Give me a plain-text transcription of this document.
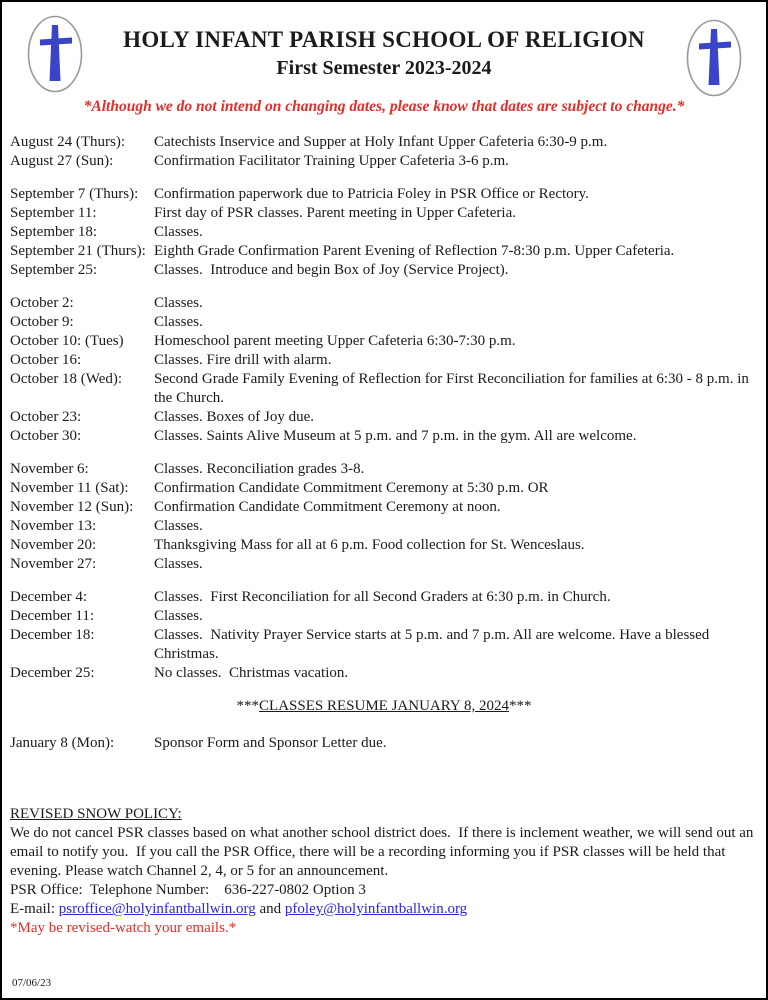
HOLY INFANT PARISH SCHOOL OF RELIGION
First Semester 2023-2024
*Although we do not intend on changing dates, please know that dates are subject to change.*
August 24 (Thurs):	Catechists Inservice and Supper at Holy Infant Upper Cafeteria 6:30-9 p.m.
August 27 (Sun):	Confirmation Facilitator Training Upper Cafeteria 3-6 p.m.
September 7 (Thurs):	Confirmation paperwork due to Patricia Foley in PSR Office or Rectory.
September 11:	First day of PSR classes. Parent meeting in Upper Cafeteria.
September 18:	Classes.
September 21 (Thurs): Eighth Grade Confirmation Parent Evening of Reflection 7-8:30 p.m. Upper Cafeteria.
September 25:	Classes.  Introduce and begin Box of Joy (Service Project).
October 2:	Classes.
October 9:	Classes.
October 10: (Tues)	Homeschool parent meeting Upper Cafeteria 6:30-7:30 p.m.
October 16:	Classes. Fire drill with alarm.
October 18 (Wed):	Second Grade Family Evening of Reflection for First Reconciliation for families at 6:30 - 8 p.m. in the Church.
October 23:	Classes. Boxes of Joy due.
October 30:	Classes. Saints Alive Museum at 5 p.m. and 7 p.m. in the gym. All are welcome.
November 6:	Classes. Reconciliation grades 3-8.
November 11 (Sat):	Confirmation Candidate Commitment Ceremony at 5:30 p.m. OR
November 12 (Sun):	Confirmation Candidate Commitment Ceremony at noon.
November 13:	Classes.
November 20:	Thanksgiving Mass for all at 6 p.m. Food collection for St. Wenceslaus.
November 27:	Classes.
December 4:	Classes.  First Reconciliation for all Second Graders at 6:30 p.m. in Church.
December 11:	Classes.
December 18:	Classes.  Nativity Prayer Service starts at 5 p.m. and 7 p.m. All are welcome. Have a blessed Christmas.
December 25:	No classes.  Christmas vacation.
***CLASSES RESUME JANUARY 8, 2024***
January 8 (Mon):	Sponsor Form and Sponsor Letter due.
REVISED SNOW POLICY:
We do not cancel PSR classes based on what another school district does.  If there is inclement weather, we will send out an email to notify you.  If you call the PSR Office, there will be a recording informing you if PSR classes will be held that evening. Please watch Channel 2, 4, or 5 for an announcement.
PSR Office:  Telephone Number:    636-227-0802 Option 3
E-mail: psroffice@holyinfantballwin.org and pfoley@holyinfantballwin.org
*May be revised-watch your emails.*
07/06/23
